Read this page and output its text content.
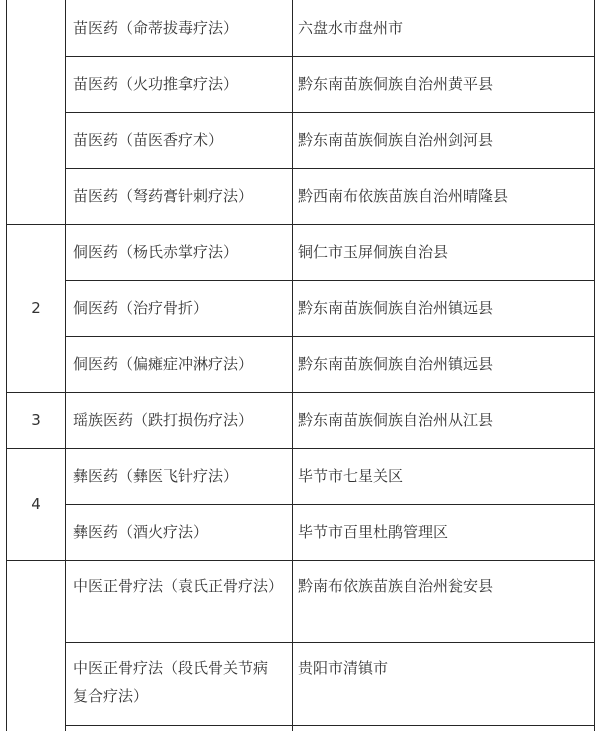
2
3
4
苗医药（命蒂拔毒疗法）
苗医药（火功推拿疗法）
苗医药（苗医香疗术）
苗医药（弩药膏针刺疗法）
侗医药（杨氏赤掌疗法）
侗医药（治疗骨折）
侗医药（偏瘫症冲淋疗法）
瑶族医药（跌打损伤疗法）
彝医药（彝医飞针疗法）
彝医药（酒火疗法）
中医正骨疗法（袁氏正骨疗法）
中医正骨疗法（段氏骨关节病复合疗法）
六盘水市盘州市
黔东南苗族侗族自治州黄平县
黔东南苗族侗族自治州剑河县
黔西南布依族苗族自治州晴隆县
铜仁市玉屏侗族自治县
黔东南苗族侗族自治州镇远县
黔东南苗族侗族自治州镇远县
黔东南苗族侗族自治州从江县
毕节市七星关区
毕节市百里杜鹃管理区
黔南布依族苗族自治州瓮安县
贵阳市清镇市
